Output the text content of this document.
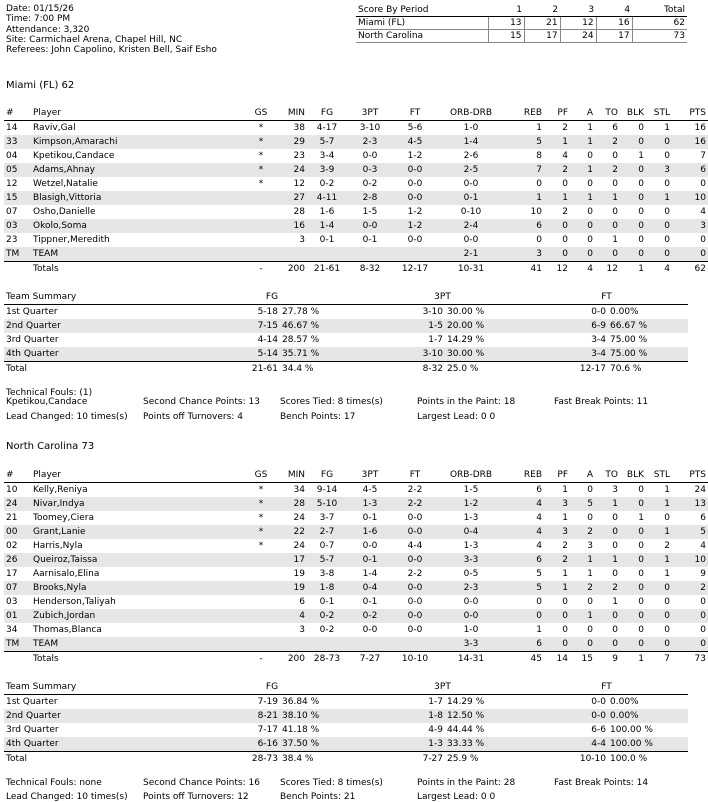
Date: 01/15/26
Time: 7:00 PM
Attendance: 3,320
Site: Carmichael Arena, Chapel Hill, NC
Referees: John Capolino, Kristen Bell, Saif Esho
Score By Period	1	2	3	4	Total
Miami (FL)	13	21	12	16	62
North Carolina	15	17	24	17	73
Miami (FL) 62
#	Player	GS	MIN	FG	3PT	FT	ORB-DRB	REB	PF	A	TO	BLK	STL	PTS
14	Raviv,Gal	*	38	4-17	3-10	5-6	1-0	1	2	1	6	0	1	16
33	Kimpson,Amarachi	*	29	5-7	2-3	4-5	1-4	5	1	1	2	0	0	16
04	Kpetikou,Candace	*	23	3-4	0-0	1-2	2-6	8	4	0	0	1	0	7
05	Adams,Ahnay	*	24	3-9	0-3	0-0	2-5	7	2	1	2	0	3	6
12	Wetzel,Natalie	*	12	0-2	0-2	0-0	0-0	0	0	0	0	0	0	0
15	Blasigh,Vittoria		27	4-11	2-8	0-0	0-1	1	1	1	1	0	1	10
07	Osho,Danielle		28	1-6	1-5	1-2	0-10	10	2	0	0	0	0	4
03	Okolo,Soma		16	1-4	0-0	1-2	2-4	6	0	0	0	0	0	3
23	Tippner,Meredith		3	0-1	0-1	0-0	0-0	0	0	0	1	0	0	0
TM	TEAM						2-1	3	0	0	0	0	0	0
	Totals	-	200	21-61	8-32	12-17	10-31	41	12	4	12	1	4	62
Team Summary	FG		3PT		FT	
1st Quarter	5-18	27.78 %	3-10	30.00 %	0-0	0.00%
2nd Quarter	7-15	46.67 %	1-5	20.00 %	6-9	66.67 %
3rd Quarter	4-14	28.57 %	1-7	14.29 %	3-4	75.00 %
4th Quarter	5-14	35.71 %	3-10	30.00 %	3-4	75.00 %
Total	21-61	34.4 %	8-32	25.0 %	12-17	70.6 %
Technical Fouls: (1)
Kpetikou,Candace
Lead Changed: 10 times(s)
Second Chance Points: 13
Points off Turnovers: 4
Scores Tied: 8 times(s)
Bench Points: 17
Points in the Paint: 18
Largest Lead: 0 0
Fast Break Points: 11
North Carolina 73
#	Player	GS	MIN	FG	3PT	FT	ORB-DRB	REB	PF	A	TO	BLK	STL	PTS
10	Kelly,Reniya	*	34	9-14	4-5	2-2	1-5	6	1	0	3	0	1	24
24	Nivar,Indya	*	28	5-10	1-3	2-2	1-2	4	3	5	1	0	1	13
21	Toomey,Ciera	*	24	3-7	0-1	0-0	1-3	4	1	0	0	1	0	6
00	Grant,Lanie	*	22	2-7	1-6	0-0	0-4	4	3	2	0	0	1	5
02	Harris,Nyla	*	24	0-7	0-0	4-4	1-3	4	2	3	0	0	2	4
26	Queiroz,Taissa		17	5-7	0-1	0-0	3-3	6	2	1	1	0	1	10
17	Aarnisalo,Elina		19	3-8	1-4	2-2	0-5	5	1	1	0	0	1	9
07	Brooks,Nyla		19	1-8	0-4	0-0	2-3	5	1	2	2	0	0	2
03	Henderson,Taliyah		6	0-1	0-1	0-0	0-0	0	0	0	1	0	0	0
01	Zubich,Jordan		4	0-2	0-2	0-0	0-0	0	0	1	0	0	0	0
34	Thomas,Blanca		3	0-2	0-0	0-0	1-0	1	0	0	0	0	0	0
TM	TEAM						3-3	6	0	0	0	0	0	0
	Totals	-	200	28-73	7-27	10-10	14-31	45	14	15	9	1	7	73
Team Summary	FG		3PT		FT	
1st Quarter	7-19	36.84 %	1-7	14.29 %	0-0	0.00%
2nd Quarter	8-21	38.10 %	1-8	12.50 %	0-0	0.00%
3rd Quarter	7-17	41.18 %	4-9	44.44 %	6-6	100.00 %
4th Quarter	6-16	37.50 %	1-3	33.33 %	4-4	100.00 %
Total	28-73	38.4 %	7-27	25.9 %	10-10	100.0 %
Technical Fouls: none
Lead Changed: 10 times(s)
Second Chance Points: 16
Points off Turnovers: 12
Scores Tied: 8 times(s)
Bench Points: 21
Points in the Paint: 28
Largest Lead: 0 0
Fast Break Points: 14
